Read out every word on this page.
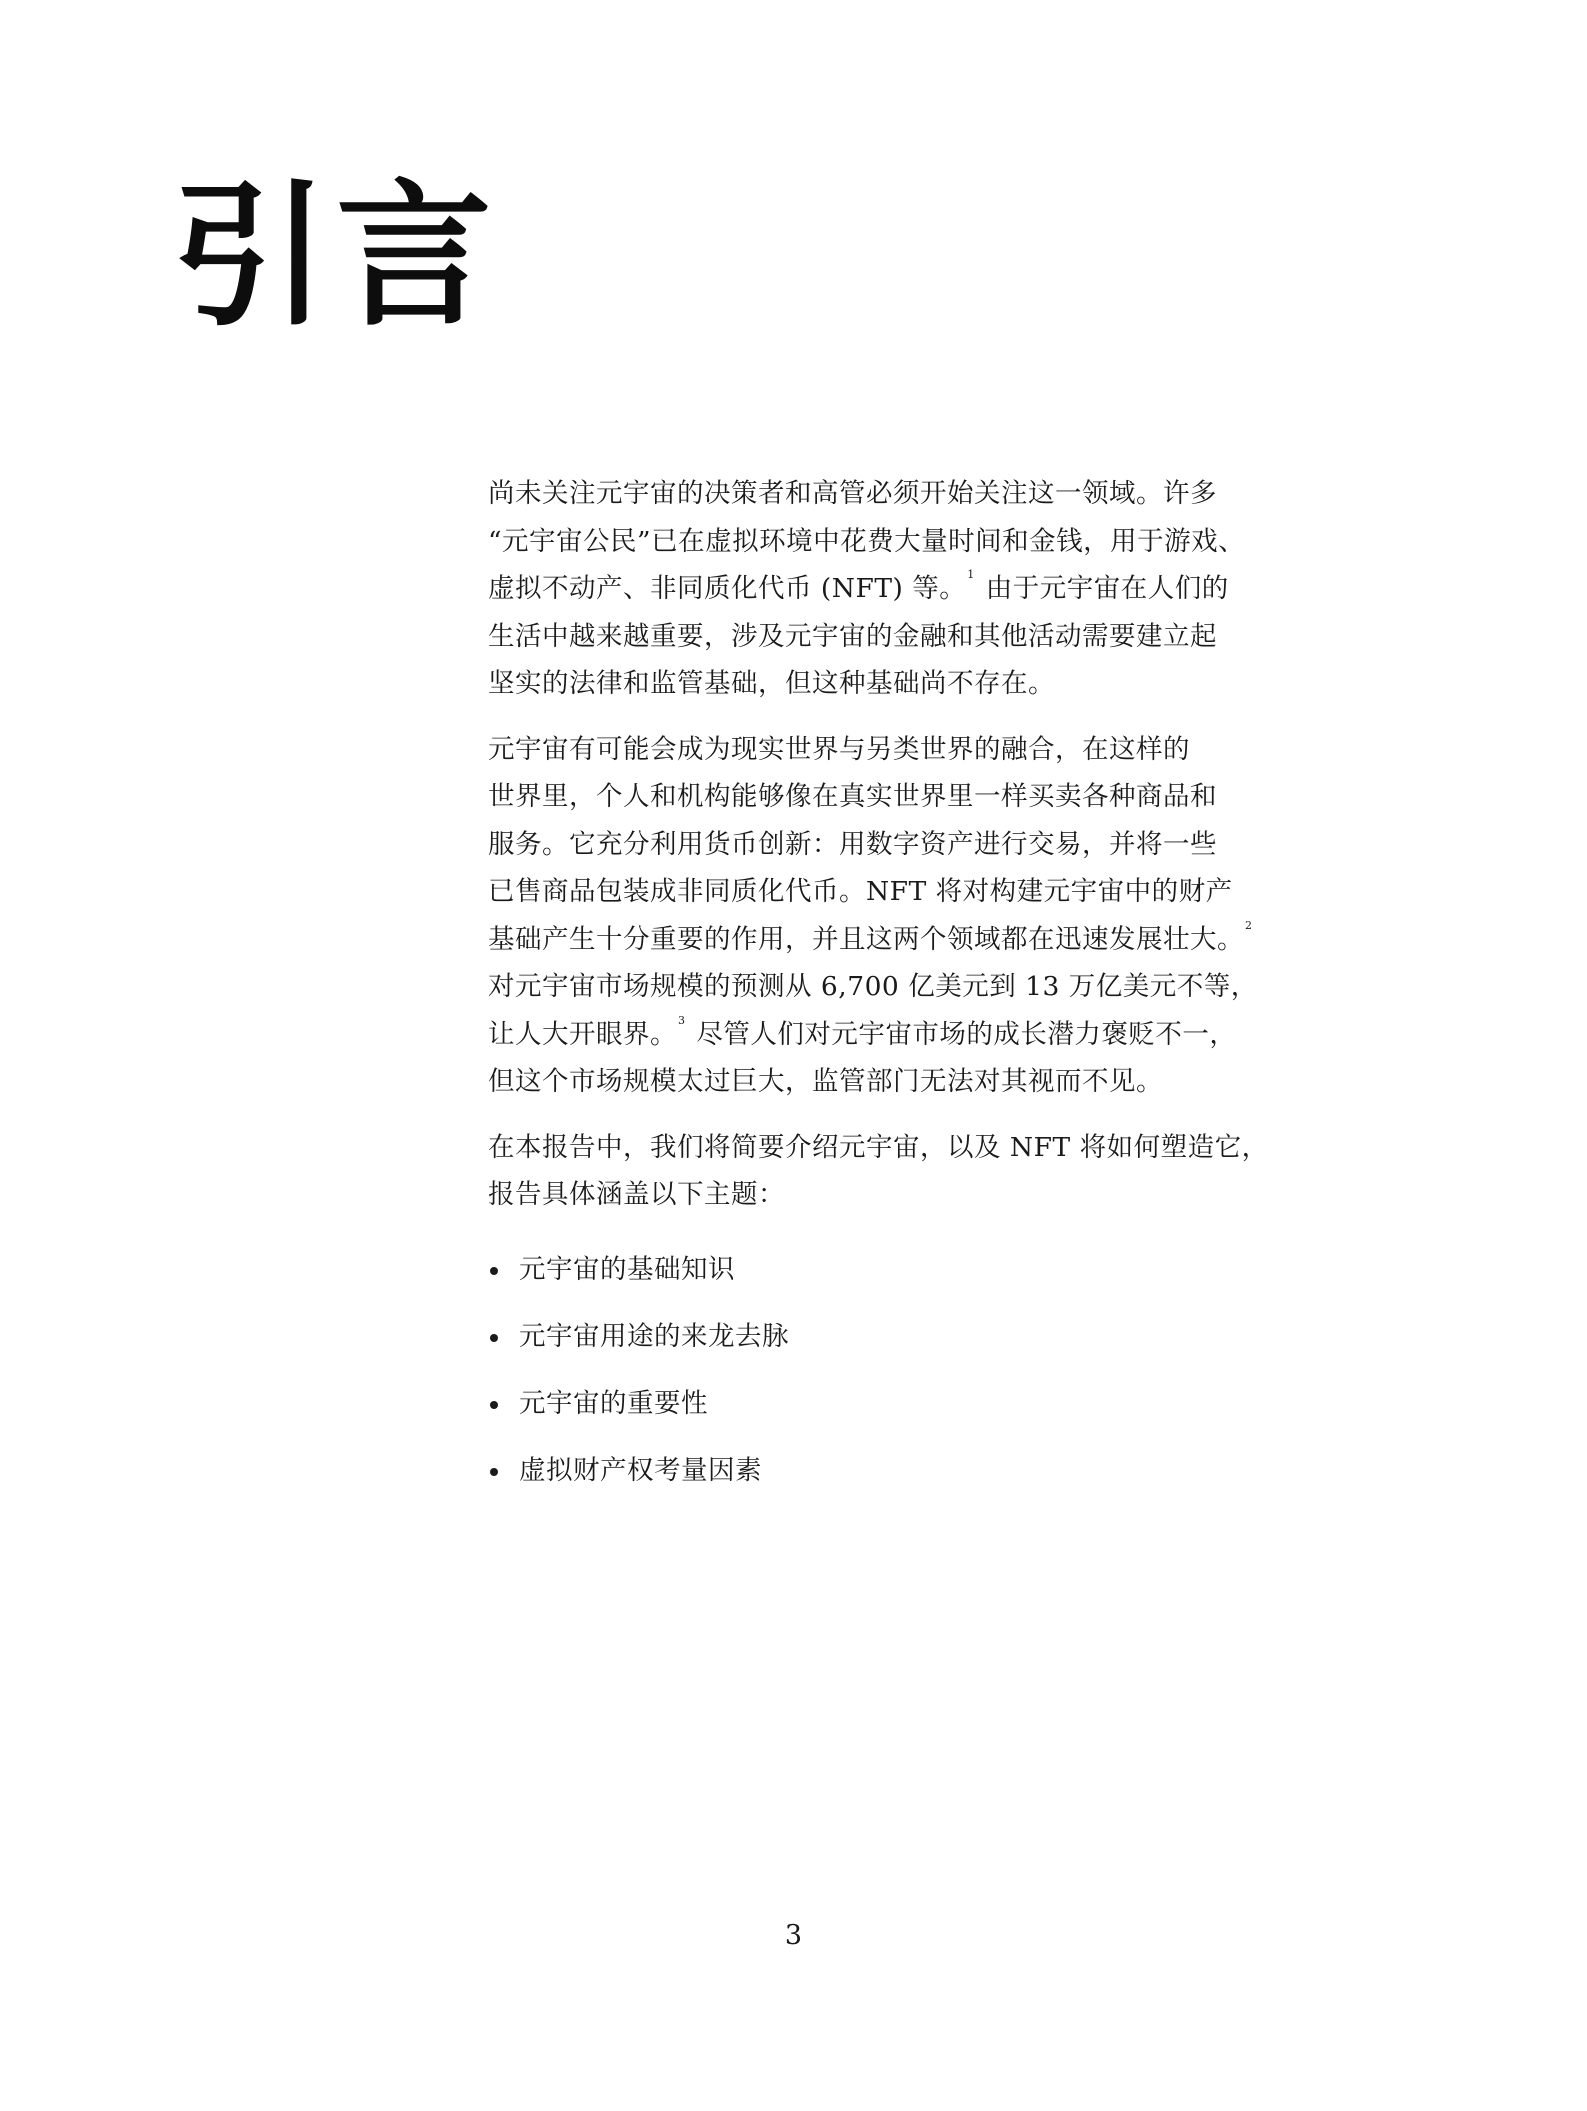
引言

尚未关注元宇宙的决策者和高管必须开始关注这一领域。许多
“元宇宙公民”已在虚拟环境中花费大量时间和金钱，用于游戏、
虚拟不动产、非同质化代币 (NFT) 等。$^1$ 由于元宇宙在人们的
生活中越来越重要，涉及元宇宙的金融和其他活动需要建立起
坚实的法律和监管基础，但这种基础尚不存在。

元宇宙有可能会成为现实世界与另类世界的融合，在这样的
世界里，个人和机构能够像在真实世界里一样买卖各种商品和
服务。它充分利用货币创新：用数字资产进行交易，并将一些
已售商品包装成非同质化代币。NFT 将对构建元宇宙中的财产
基础产生十分重要的作用，并且这两个领域都在迅速发展壮大。$^2$
对元宇宙市场规模的预测从 6,700 亿美元到 13 万亿美元不等，
让人大开眼界。$^3$ 尽管人们对元宇宙市场的成长潜力褒贬不一，
但这个市场规模太过巨大，监管部门无法对其视而不见。

在本报告中，我们将简要介绍元宇宙，以及 NFT 将如何塑造它，
报告具体涵盖以下主题：

元宇宙的基础知识
元宇宙用途的来龙去脉
元宇宙的重要性
虚拟财产权考量因素
3
